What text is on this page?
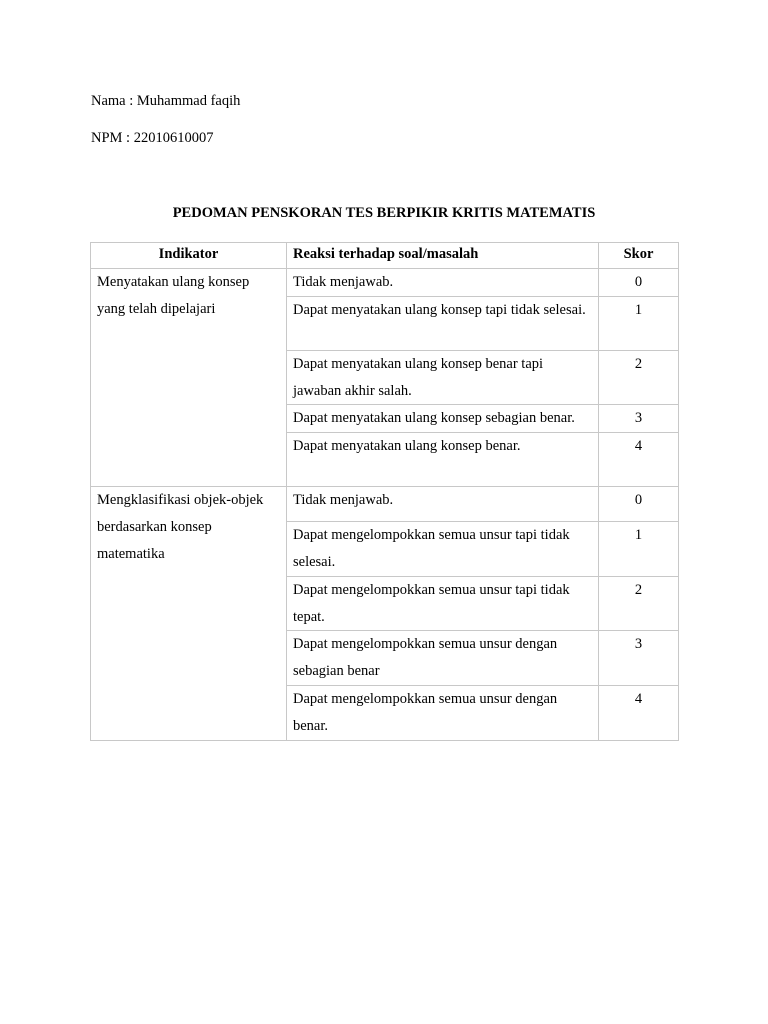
Nama : Muhammad faqih
NPM : 22010610007
PEDOMAN PENSKORAN TES BERPIKIR KRITIS MATEMATIS
Indikator	Reaksi terhadap soal/masalah	Skor
Menyatakan ulang konsep yang telah dipelajari	Tidak menjawab.	0
	Dapat menyatakan ulang konsep tapi tidak selesai.	1
	Dapat menyatakan ulang konsep benar tapi jawaban akhir salah.	2
	Dapat menyatakan ulang konsep sebagian benar.	3
	Dapat menyatakan ulang konsep benar.	4
Mengklasifikasi objek-objek berdasarkan konsep matematika	Tidak menjawab.	0
	Dapat mengelompokkan semua unsur tapi tidak selesai.	1
	Dapat mengelompokkan semua unsur tapi tidak tepat.	2
	Dapat mengelompokkan semua unsur dengan sebagian benar	3
	Dapat mengelompokkan semua unsur dengan benar.	4
